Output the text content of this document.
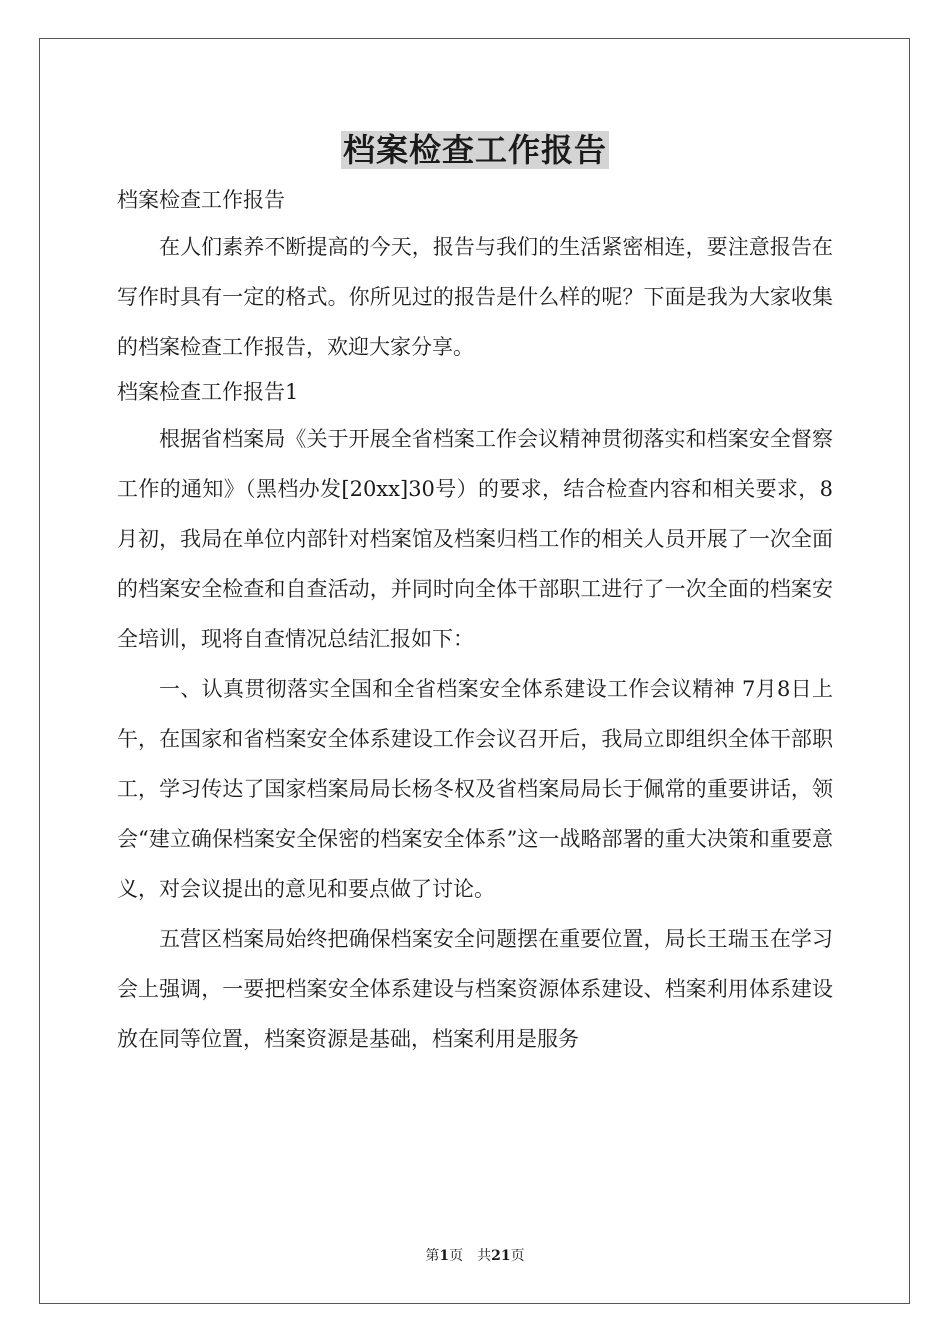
档案检查工作报告

档案检查工作报告

在人们素养不断提高的今天，报告与我们的生活紧密相连，要注意报告在写作时具有一定的格式。你所见过的报告是什么样的呢？下面是我为大家收集的档案检查工作报告，欢迎大家分享。

档案检查工作报告1

根据省档案局《关于开展全省档案工作会议精神贯彻落实和档案安全督察工作的通知》（黑档办发[20xx]30号）的要求，结合检查内容和相关要求，8月初，我局在单位内部针对档案馆及档案归档工作的相关人员开展了一次全面的档案安全检查和自查活动，并同时向全体干部职工进行了一次全面的档案安全培训，现将自查情况总结汇报如下：

一、认真贯彻落实全国和全省档案安全体系建设工作会议精神 7月8日上午，在国家和省档案安全体系建设工作会议召开后，我局立即组织全体干部职工，学习传达了国家档案局局长杨冬权及省档案局局长于佩常的重要讲话，领会“建立确保档案安全保密的档案安全体系”这一战略部署的重大决策和重要意义，对会议提出的意见和要点做了讨论。

五营区档案局始终把确保档案安全问题摆在重要位置，局长王瑞玉在学习会上强调，一要把档案安全体系建设与档案资源体系建设、档案利用体系建设放在同等位置，档案资源是基础，档案利用是服务

第1页　共21页
